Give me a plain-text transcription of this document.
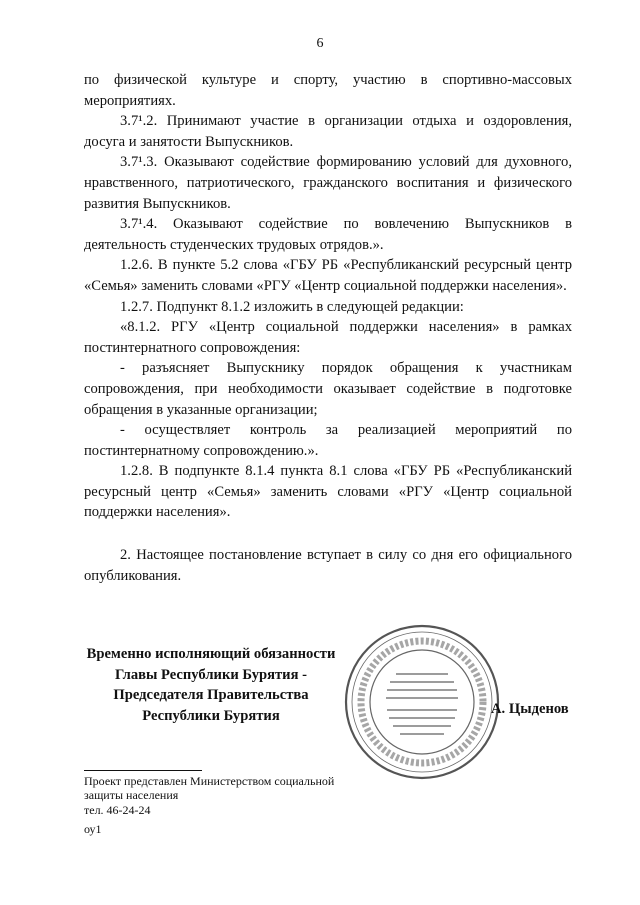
6

по физической культуре и спорту, участию в спортивно-массовых мероприятиях.

3.7¹.2. Принимают участие в организации отдыха и оздоровления, досуга и занятости Выпускников.

3.7¹.3. Оказывают содействие формированию условий для духовного, нравственного, патриотического, гражданского воспитания и физического развития Выпускников.

3.7¹.4. Оказывают содействие по вовлечению Выпускников в деятельность студенческих трудовых отрядов.».

1.2.6. В пункте 5.2 слова «ГБУ РБ «Республиканский ресурсный центр «Семья» заменить словами «РГУ «Центр социальной поддержки населения».

1.2.7. Подпункт 8.1.2 изложить в следующей редакции:

«8.1.2. РГУ «Центр социальной поддержки населения» в рамках постинтернатного сопровождения:

- разъясняет Выпускнику порядок обращения к участникам сопровождения, при необходимости оказывает содействие в подготовке обращения в указанные организации;

- осуществляет контроль за реализацией мероприятий по постинтернатному сопровождению.».

1.2.8. В подпункте 8.1.4 пункта 8.1 слова «ГБУ РБ «Республиканский ресурсный центр «Семья» заменить словами «РГУ «Центр социальной поддержки населения».

2. Настоящее постановление вступает в силу со дня его официального опубликования.

Временно исполняющий обязанности
Главы Республики Бурятия -
Председателя Правительства
Республики Бурятия	А. Цыденов
Проект представлен Министерством социальной
защиты населения
тел. 46-24-24
оу1
